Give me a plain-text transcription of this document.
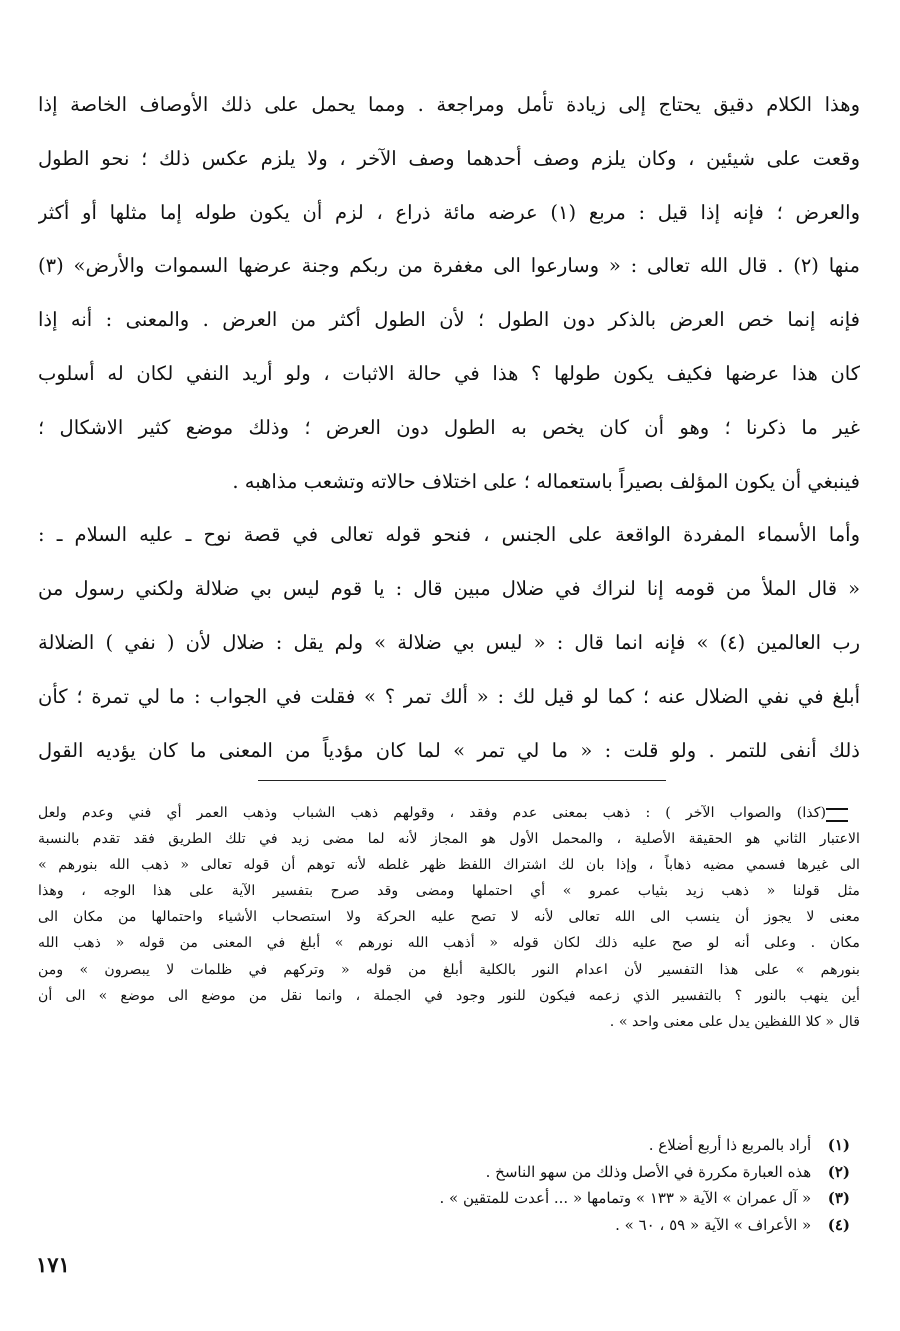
وهذا الكلام دقيق يحتاج إلى زيادة تأمل ومراجعة . ومما يحمل على ذلك الأوصاف الخاصة إذا
وقعت على شيئين ، وكان يلزم وصف أحدهما وصف الآخر ، ولا يلزم عكس ذلك ؛ نحو الطول
والعرض ؛ فإنه إذا قيل : مربع (١) عرضه مائة ذراع ، لزم أن يكون طوله إما مثلها أو أكثر
منها (٢) . قال الله تعالى : « وسارعوا الى مغفرة من ربكم وجنة عرضها السموات والأرض» (٣)
فإنه إنما خص العرض بالذكر دون الطول ؛ لأن الطول أكثر من العرض . والمعنى : أنه إذا
كان هذا عرضها فكيف يكون طولها ؟ هذا في حالة الاثبات ، ولو أريد النفي لكان له أسلوب
غير ما ذكرنا ؛ وهو أن كان يخص به الطول دون العرض ؛ وذلك موضع كثير الاشكال ؛
فينبغي أن يكون المؤلف بصيراً باستعماله ؛ على اختلاف حالاته وتشعب مذاهبه .
وأما الأسماء المفردة الواقعة على الجنس ، فنحو قوله تعالى في قصة نوح ـ عليه السلام ـ :
« قال الملأ من قومه إنا لنراك في ضلال مبين قال : يا قوم ليس بي ضلالة ولكني رسول من
رب العالمين (٤) » فإنه انما قال : « ليس بي ضلالة » ولم يقل : ضلال لأن ( نفي ) الضلالة
أبلغ في نفي الضلال عنه ؛ كما لو قيل لك : « ألك تمر ؟ » فقلت في الجواب : ما لي تمرة ؛ كأن
ذلك أنفى للتمر . ولو قلت : « ما لي تمر » لما كان مؤدياً من المعنى ما كان يؤديه القول
(كذا) والصواب الآخر ) : ذهب بمعنى عدم وفقد ، وقولهم ذهب الشباب وذهب العمر أي فني وعدم ولعل
الاعتبار الثاني هو الحقيقة الأصلية ، والمحمل الأول هو المجاز لأنه لما مضى زيد في تلك الطريق فقد تقدم بالنسبة
الى غيرها فسمي مضيه ذهاباً ، وإذا بان لك اشتراك اللفظ ظهر غلطه لأنه توهم أن قوله تعالى « ذهب الله بنورهم »
مثل قولنا « ذهب زيد بثياب عمرو » أي احتملها ومضى وقد صرح بتفسير الآية على هذا الوجه ، وهذا
معنى لا يجوز أن ينسب الى الله تعالى لأنه لا تصح عليه الحركة ولا استصحاب الأشياء واحتمالها من مكان الى
مكان . وعلى أنه لو صح عليه ذلك لكان قوله « أذهب الله نورهم » أبلغ في المعنى من قوله « ذهب الله
بنورهم » على هذا التفسير لأن اعدام النور بالكلية أبلغ من قوله « وتركهم في ظلمات لا يبصرون » ومن
أين ينهب بالنور ؟ بالتفسير الذي زعمه فيكون للنور وجود في الجملة ، وانما نقل من موضع الى موضع » الى أن
قال « كلا اللفظين يدل على معنى واحد » .
(١) أراد بالمربع ذا أربع أضلاع .
(٢) هذه العبارة مكررة في الأصل وذلك من سهو الناسخ .
(٣) « آل عمران » الآية « ١٣٣ » وتمامها « ... أعدت للمتقين » .
(٤) « الأعراف » الآية « ٥٩ ، ٦٠ » .
١٧١
